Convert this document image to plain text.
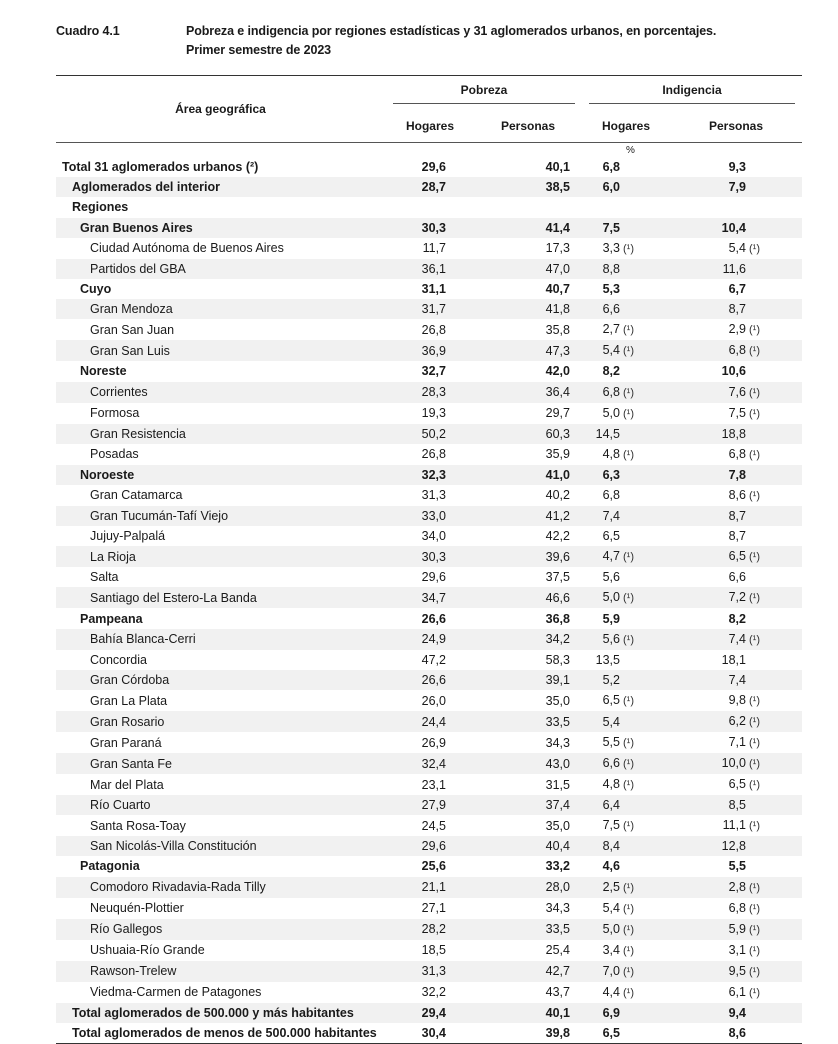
Cuadro 4.1	Pobreza e indigencia por regiones estadísticas y 31 aglomerados urbanos, en porcentajes.
Primer semestre de 2023
Área geográfica	Pobreza		Indigencia	

	Hogares	Personas	Hogares	Personas
			%	
Total 31 aglomerados urbanos (²)	29,6	40,1	6,8	9,3
Aglomerados del interior	28,7	38,5	6,0	7,9
Regiones				
Gran Buenos Aires	30,3	41,4	7,5	10,4
Ciudad Autónoma de Buenos Aires	11,7	17,3	3,3 (¹)	5,4 (¹)
Partidos del GBA	36,1	47,0	8,8	11,6
Cuyo	31,1	40,7	5,3	6,7
Gran Mendoza	31,7	41,8	6,6	8,7
Gran San Juan	26,8	35,8	2,7 (¹)	2,9 (¹)
Gran San Luis	36,9	47,3	5,4 (¹)	6,8 (¹)
Noreste	32,7	42,0	8,2	10,6
Corrientes	28,3	36,4	6,8 (¹)	7,6 (¹)
Formosa	19,3	29,7	5,0 (¹)	7,5 (¹)
Gran Resistencia	50,2	60,3	14,5	18,8
Posadas	26,8	35,9	4,8 (¹)	6,8 (¹)
Noroeste	32,3	41,0	6,3	7,8
Gran Catamarca	31,3	40,2	6,8	8,6 (¹)
Gran Tucumán-Tafí Viejo	33,0	41,2	7,4	8,7
Jujuy-Palpalá	34,0	42,2	6,5	8,7
La Rioja	30,3	39,6	4,7 (¹)	6,5 (¹)
Salta	29,6	37,5	5,6	6,6
Santiago del Estero-La Banda	34,7	46,6	5,0 (¹)	7,2 (¹)
Pampeana	26,6	36,8	5,9	8,2
Bahía Blanca-Cerri	24,9	34,2	5,6 (¹)	7,4 (¹)
Concordia	47,2	58,3	13,5	18,1
Gran Córdoba	26,6	39,1	5,2	7,4
Gran La Plata	26,0	35,0	6,5 (¹)	9,8 (¹)
Gran Rosario	24,4	33,5	5,4	6,2 (¹)
Gran Paraná	26,9	34,3	5,5 (¹)	7,1 (¹)
Gran Santa Fe	32,4	43,0	6,6 (¹)	10,0 (¹)
Mar del Plata	23,1	31,5	4,8 (¹)	6,5 (¹)
Río Cuarto	27,9	37,4	6,4	8,5
Santa Rosa-Toay	24,5	35,0	7,5 (¹)	11,1 (¹)
San Nicolás-Villa Constitución	29,6	40,4	8,4	12,8
Patagonia	25,6	33,2	4,6	5,5
Comodoro Rivadavia-Rada Tilly	21,1	28,0	2,5 (¹)	2,8 (¹)
Neuquén-Plottier	27,1	34,3	5,4 (¹)	6,8 (¹)
Río Gallegos	28,2	33,5	5,0 (¹)	5,9 (¹)
Ushuaia-Río Grande	18,5	25,4	3,4 (¹)	3,1 (¹)
Rawson-Trelew	31,3	42,7	7,0 (¹)	9,5 (¹)
Viedma-Carmen de Patagones	32,2	43,7	4,4 (¹)	6,1 (¹)
Total aglomerados de 500.000 y más habitantes	29,4	40,1	6,9	9,4
Total aglomerados de menos de 500.000 habitantes	30,4	39,8	6,5	8,6
